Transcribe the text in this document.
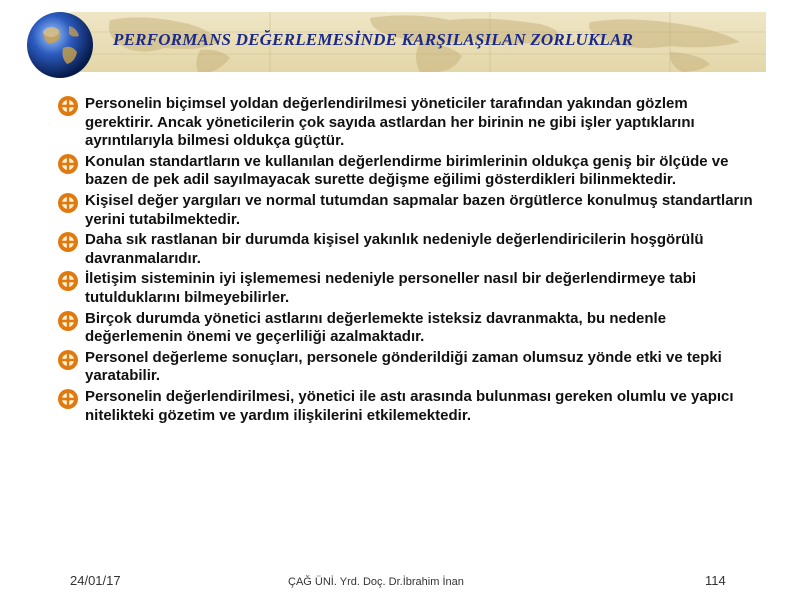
PERFORMANS DEĞERLEMESİNDE KARŞILAŞILAN ZORLUKLAR

Personelin biçimsel yoldan değerlendirilmesi yöneticiler tarafından yakından gözlem gerektirir. Ancak yöneticilerin çok sayıda astlardan her birinin ne gibi işler yaptıklarını ayrıntılarıyla bilmesi oldukça güçtür.

Konulan standartların ve kullanılan değerlendirme birimlerinin oldukça geniş bir ölçüde ve bazen de pek adil sayılmayacak surette değişme eğilimi gösterdikleri bilinmektedir.

Kişisel değer yargıları ve normal tutumdan sapmalar bazen örgütlerce konulmuş standartların yerini tutabilmektedir.

Daha sık rastlanan bir durumda kişisel yakınlık nedeniyle değerlendiricilerin hoşgörülü davranmalarıdır.

İletişim sisteminin iyi işlememesi nedeniyle personeller nasıl bir değerlendirmeye tabi tutulduklarını bilmeyebilirler.

Birçok durumda yönetici astlarını değerlemekte isteksiz davranmakta, bu nedenle değerlemenin önemi ve geçerliliği azalmaktadır.

Personel değerleme sonuçları, personele gönderildiği zaman olumsuz yönde etki ve tepki yaratabilir.

Personelin değerlendirilmesi, yönetici ile astı arasında bulunması gereken olumlu ve yapıcı nitelikteki gözetim ve yardım ilişkilerini etkilemektedir.

24/01/17	ÇAĞ ÜNİ. Yrd. Doç. Dr.İbrahim İnan	114
